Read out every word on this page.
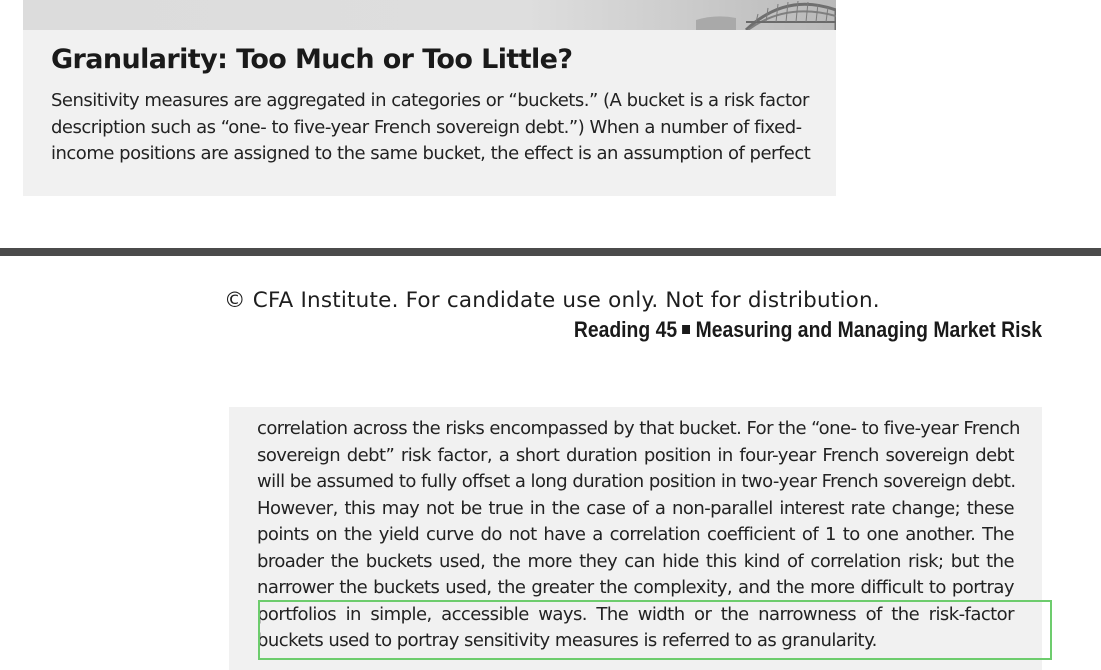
Granularity: Too Much or Too Little?
Sensitivity measures are aggregated in categories or “buckets.” (A bucket is a risk factor
description such as “one- to five-year French sovereign debt.”) When a number of fixed-
income positions are assigned to the same bucket, the effect is an assumption of perfect
© CFA Institute. For candidate use only. Not for distribution.
Reading 45 Measuring and Managing Market Risk
correlation across the risks encompassed by that bucket. For the “one- to five-year French
sovereign debt” risk factor, a short duration position in four-year French sovereign debt
will be assumed to fully offset a long duration position in two-year French sovereign debt.
However, this may not be true in the case of a non-parallel interest rate change; these
points on the yield curve do not have a correlation coefficient of 1 to one another. The
broader the buckets used, the more they can hide this kind of correlation risk; but the
narrower the buckets used, the greater the complexity, and the more difficult to portray
portfolios in simple, accessible ways. The width or the narrowness of the risk-factor
buckets used to portray sensitivity measures is referred to as granularity.
